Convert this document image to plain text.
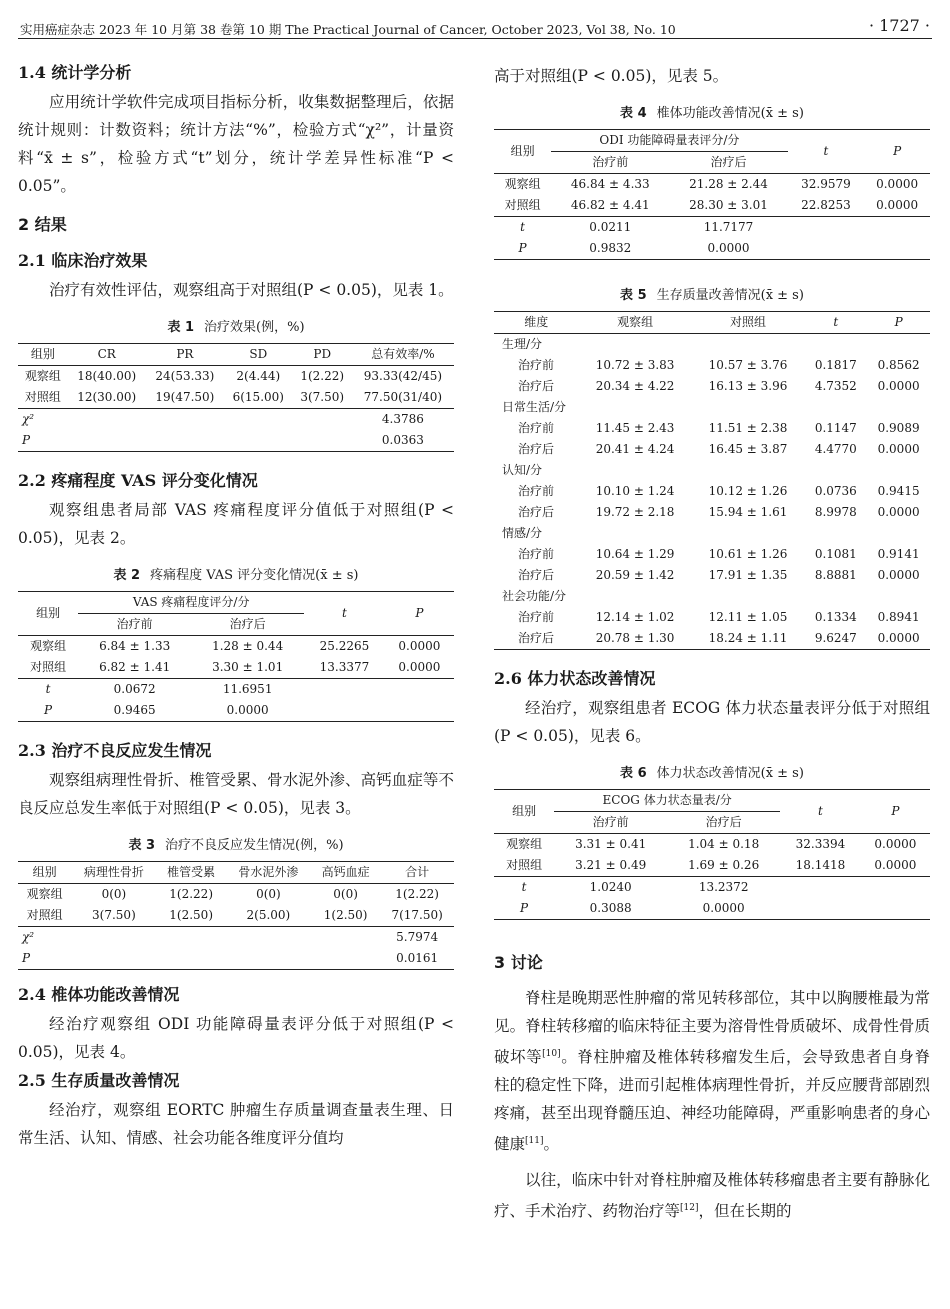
实用癌症杂志 2023 年 10 月第 38 卷第 10 期 The Practical Journal of Cancer, October 2023, Vol 38, No. 10	· 1727 ·
1.4 统计学分析

应用统计学软件完成项目指标分析，收集数据整理后，依据统计规则：计数资料；统计方法“%”，检验方式“χ²”，计量资料“x̄ ± s”，检验方式“t”划分，统计学差异性标准“P < 0.05”。

2 结果
2.1 临床治疗效果

治疗有效性评估，观察组高于对照组(P < 0.05)，见表 1。

表 1 治疗效果(例，%)
组别	CR	PR	SD	PD	总有效率/%
观察组	18(40.00)	24(53.33)	2(4.44)	1(2.22)	93.33(42/45)
对照组	12(30.00)	19(47.50)	6(15.00)	3(7.50)	77.50(31/40)
χ²					4.3786
P					0.0363
2.2 疼痛程度 VAS 评分变化情况

观察组患者局部 VAS 疼痛程度评分值低于对照组(P < 0.05)，见表 2。

表 2 疼痛程度 VAS 评分变化情况(x̄ ± s)
组别	VAS 疼痛程度评分/分		t	P
	治疗前	治疗后		
观察组	6.84 ± 1.33	1.28 ± 0.44	25.2265	0.0000
对照组	6.82 ± 1.41	3.30 ± 1.01	13.3377	0.0000
t	0.0672	11.6951		
P	0.9465	0.0000		
2.3 治疗不良反应发生情况

观察组病理性骨折、椎管受累、骨水泥外渗、高钙血症等不良反应总发生率低于对照组(P < 0.05)，见表 3。

表 3 治疗不良反应发生情况(例，%)
组别	病理性骨折	椎管受累	骨水泥外渗	高钙血症	合计
观察组	0(0)	1(2.22)	0(0)	0(0)	1(2.22)
对照组	3(7.50)	1(2.50)	2(5.00)	1(2.50)	7(17.50)
χ²					5.7974
P					0.0161
2.4 椎体功能改善情况

经治疗观察组 ODI 功能障碍量表评分低于对照组(P < 0.05)，见表 4。

2.5 生存质量改善情况

经治疗，观察组 EORTC 肿瘤生存质量调查量表生理、日常生活、认知、情感、社会功能各维度评分值均

高于对照组(P < 0.05)，见表 5。

表 4 椎体功能改善情况(x̄ ± s)
组别	ODI 功能障碍量表评分/分		t	P
	治疗前	治疗后		
观察组	46.84 ± 4.33	21.28 ± 2.44	32.9579	0.0000
对照组	46.82 ± 4.41	28.30 ± 3.01	22.8253	0.0000
t	0.0211	11.7177		
P	0.9832	0.0000		
表 5 生存质量改善情况(x̄ ± s)
维度	观察组	对照组	t	P
生理/分				
治疗前	10.72 ± 3.83	10.57 ± 3.76	0.1817	0.8562
治疗后	20.34 ± 4.22	16.13 ± 3.96	4.7352	0.0000
日常生活/分				
治疗前	11.45 ± 2.43	11.51 ± 2.38	0.1147	0.9089
治疗后	20.41 ± 4.24	16.45 ± 3.87	4.4770	0.0000
认知/分				
治疗前	10.10 ± 1.24	10.12 ± 1.26	0.0736	0.9415
治疗后	19.72 ± 2.18	15.94 ± 1.61	8.9978	0.0000
情感/分				
治疗前	10.64 ± 1.29	10.61 ± 1.26	0.1081	0.9141
治疗后	20.59 ± 1.42	17.91 ± 1.35	8.8881	0.0000
社会功能/分				
治疗前	12.14 ± 1.02	12.11 ± 1.05	0.1334	0.8941
治疗后	20.78 ± 1.30	18.24 ± 1.11	9.6247	0.0000
2.6 体力状态改善情况

经治疗，观察组患者 ECOG 体力状态量表评分低于对照组(P < 0.05)，见表 6。

表 6 体力状态改善情况(x̄ ± s)
组别	ECOG 体力状态量表/分		t	P
	治疗前	治疗后		
观察组	3.31 ± 0.41	1.04 ± 0.18	32.3394	0.0000
对照组	3.21 ± 0.49	1.69 ± 0.26	18.1418	0.0000
t	1.0240	13.2372		
P	0.3088	0.0000		
3 讨论

脊柱是晚期恶性肿瘤的常见转移部位，其中以胸腰椎最为常见。脊柱转移瘤的临床特征主要为溶骨性骨质破坏、成骨性骨质破坏等[10]。脊柱肿瘤及椎体转移瘤发生后，会导致患者自身脊柱的稳定性下降，进而引起椎体病理性骨折，并反应腰背部剧烈疼痛，甚至出现脊髓压迫、神经功能障碍，严重影响患者的身心健康[11]。

以往，临床中针对脊柱肿瘤及椎体转移瘤患者主要有静脉化疗、手术治疗、药物治疗等[12]，但在长期的
